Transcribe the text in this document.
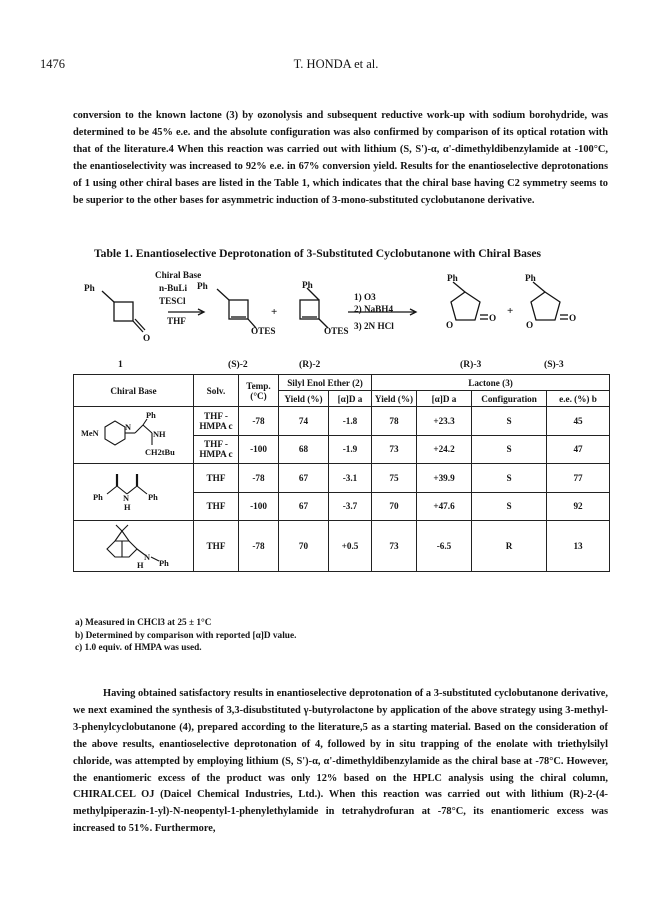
1476	T. HONDA et al.

conversion to the known lactone (3) by ozonolysis and subsequent reductive work-up with sodium borohydride, was determined to be 45% e.e. and the absolute configuration was also confirmed by comparison of its optical rotation with that of the literature.4 When this reaction was carried out with lithium (S, S')-α, α'-dimethyldibenzylamide at -100°C, the enantioselectivity was increased to 92% e.e. in 67% conversion yield. Results for the enantioselective deprotonations of 1 using other chiral bases are listed in the Table 1, which indicates that the chiral base having C2 symmetry seems to be superior to the other bases for asymmetric induction of 3-mono-substituted cyclobutanone derivative.

Table 1. Enantioselective Deprotonation of 3-Substituted Cyclobutanone with Chiral Bases
Ph
O
Chiral Base
n-BuLi
TESCl
THF
Ph
OTES
+
Ph
OTES
1) O3
2) NaBH4
3) 2N HCl
Ph
O
O
+
Ph
O
O
1	(S)-2	(R)-2	(R)-3	(S)-3
Chiral Base	Solv.	Temp.(°C)	Silyl Enol Ether (2)		Lactone (3)			
			Yield (%)	[α]D a	Yield (%)	[α]D a	Configuration	e.e. (%) b

MeN
N
Ph
NH
CH2tBu	THF - HMPA c	-78	74	-1.8	78	+23.3	S	45
	THF - HMPA c	-100	68	-1.9	73	+24.2	S	47

Ph N
H
Ph	THF	-78	67	-3.1	75	+39.9	S	77
	THF	-100	67	-3.7	70	+47.6	S	92

N
H Ph	THF	-78	70	+0.5	73	-6.5	R	13
a) Measured in CHCl3 at 25 ± 1°C
b) Determined by comparison with reported [α]D value.
c) 1.0 equiv. of HMPA was used.

Having obtained satisfactory results in enantioselective deprotonation of a 3-substituted cyclobutanone derivative, we next examined the synthesis of 3,3-disubstituted γ-butyrolactone by application of the above strategy using 3-methyl-3-phenylcyclobutanone (4), prepared according to the literature,5 as a starting material. Based on the consideration of the above results, enantioselective deprotonation of 4, followed by in situ trapping of the enolate with triethylsilyl chloride, was attempted by employing lithium (S, S')-α, α'-dimethyldibenzylamide as the chiral base at -78°C. However, the enantiomeric excess of the product was only 12% based on the HPLC analysis using the chiral column, CHIRALCEL OJ (Daicel Chemical Industries, Ltd.). When this reaction was carried out with lithium (R)-2-(4-methylpiperazin-1-yl)-N-neopentyl-1-phenylethylamide in tetrahydrofuran at -78°C, its enantiomeric excess was increased to 51%. Furthermore,
